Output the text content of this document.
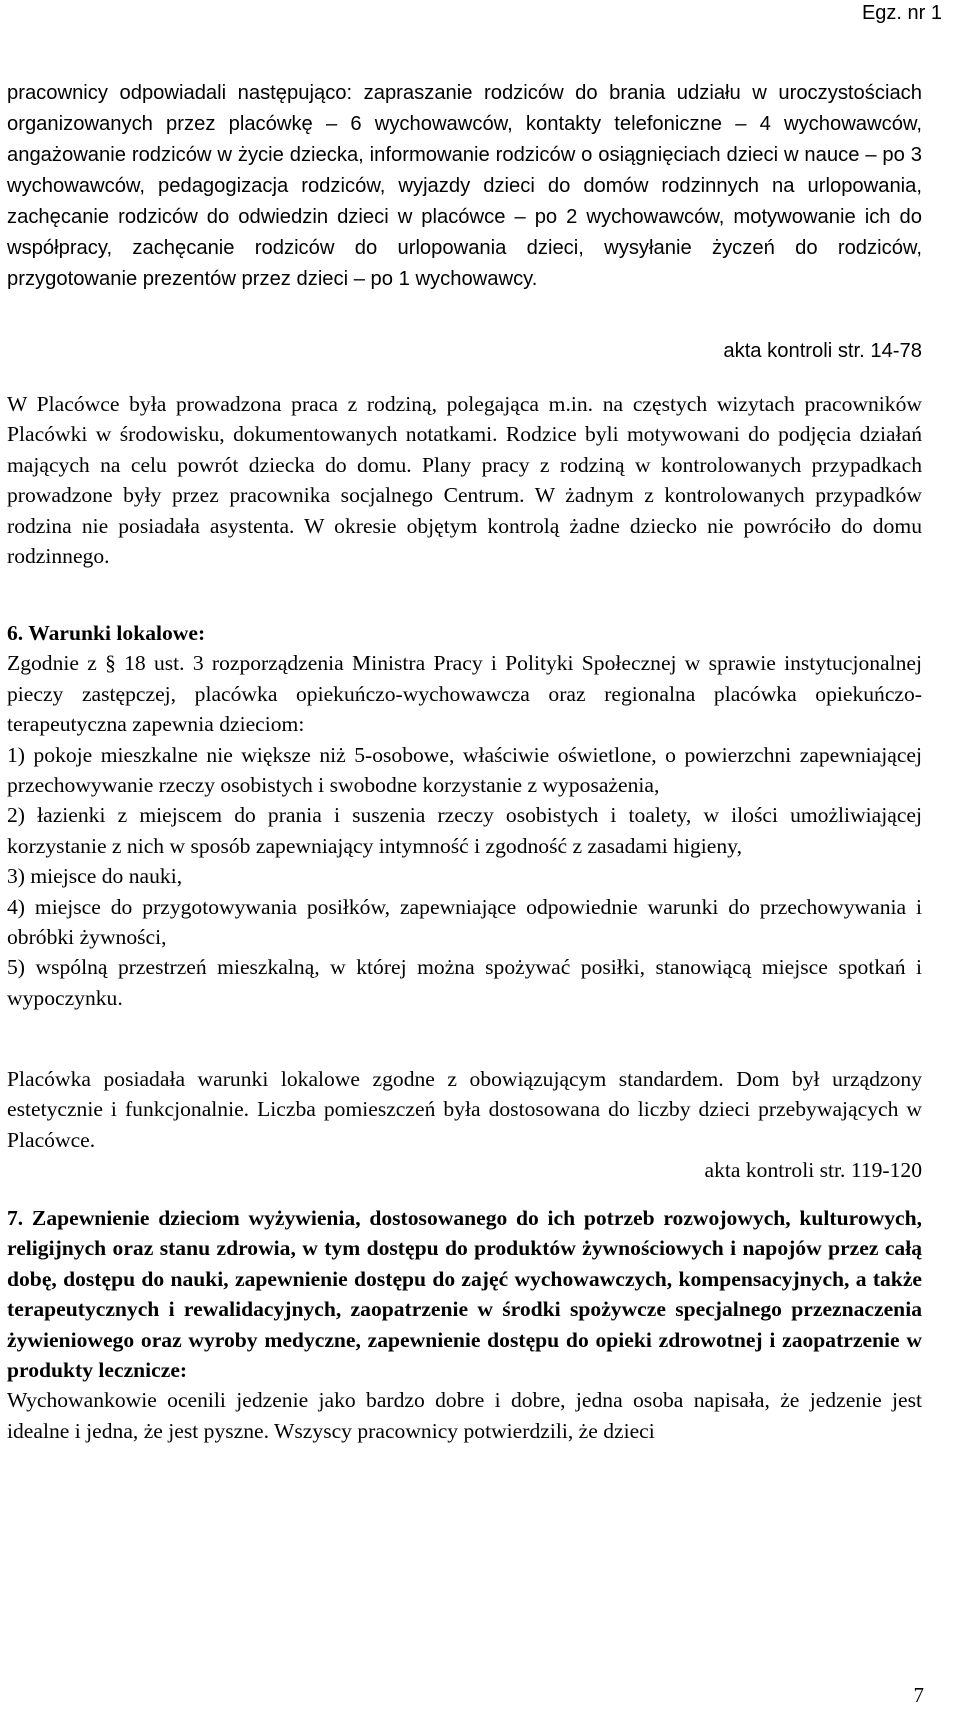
Egz. nr 1

pracownicy odpowiadali następująco: zapraszanie rodziców do brania udziału w uroczystościach organizowanych przez placówkę – 6 wychowawców, kontakty telefoniczne – 4 wychowawców, angażowanie rodziców w życie dziecka, informowanie rodziców o osiągnięciach dzieci w nauce – po 3 wychowawców, pedagogizacja rodziców, wyjazdy dzieci do domów rodzinnych na urlopowania, zachęcanie rodziców do odwiedzin dzieci w placówce – po 2 wychowawców, motywowanie ich do współpracy, zachęcanie rodziców do urlopowania dzieci, wysyłanie życzeń do rodziców, przygotowanie prezentów przez dzieci – po 1 wychowawcy.

akta kontroli str. 14-78

W Placówce była prowadzona praca z rodziną, polegająca m.in. na częstych wizytach pracowników Placówki w środowisku, dokumentowanych notatkami. Rodzice byli motywowani do podjęcia działań mających na celu powrót dziecka do domu. Plany pracy z rodziną w kontrolowanych przypadkach prowadzone były przez pracownika socjalnego Centrum. W żadnym z kontrolowanych przypadków rodzina nie posiadała asystenta. W okresie objętym kontrolą żadne dziecko nie powróciło do domu rodzinnego.

6. Warunki lokalowe:

Zgodnie z § 18 ust. 3 rozporządzenia Ministra Pracy i Polityki Społecznej w sprawie instytucjonalnej pieczy zastępczej, placówka opiekuńczo-wychowawcza oraz regionalna placówka opiekuńczo-terapeutyczna zapewnia dzieciom:

1) pokoje mieszkalne nie większe niż 5-osobowe, właściwie oświetlone, o powierzchni zapewniającej przechowywanie rzeczy osobistych i swobodne korzystanie z wyposażenia,

2) łazienki z miejscem do prania i suszenia rzeczy osobistych i toalety, w ilości umożliwiającej korzystanie z nich w sposób zapewniający intymność i zgodność z zasadami higieny,

3) miejsce do nauki,

4) miejsce do przygotowywania posiłków, zapewniające odpowiednie warunki do przechowywania i obróbki żywności,

5) wspólną przestrzeń mieszkalną, w której można spożywać posiłki, stanowiącą miejsce spotkań i wypoczynku.

Placówka posiadała warunki lokalowe zgodne z obowiązującym standardem. Dom był urządzony estetycznie i funkcjonalnie. Liczba pomieszczeń była dostosowana do liczby dzieci przebywających w Placówce.

akta kontroli str. 119-120

7. Zapewnienie dzieciom wyżywienia, dostosowanego do ich potrzeb rozwojowych, kulturowych, religijnych oraz stanu zdrowia, w tym dostępu do produktów żywnościowych i napojów przez całą dobę, dostępu do nauki, zapewnienie dostępu do zajęć wychowawczych, kompensacyjnych, a także terapeutycznych i rewalidacyjnych, zaopatrzenie w środki spożywcze specjalnego przeznaczenia żywieniowego oraz wyroby medyczne, zapewnienie dostępu do opieki zdrowotnej i zaopatrzenie w produkty lecznicze:

Wychowankowie ocenili jedzenie jako bardzo dobre i dobre, jedna osoba napisała, że jedzenie jest idealne i jedna, że jest pyszne. Wszyscy pracownicy potwierdzili, że dzieci

7
